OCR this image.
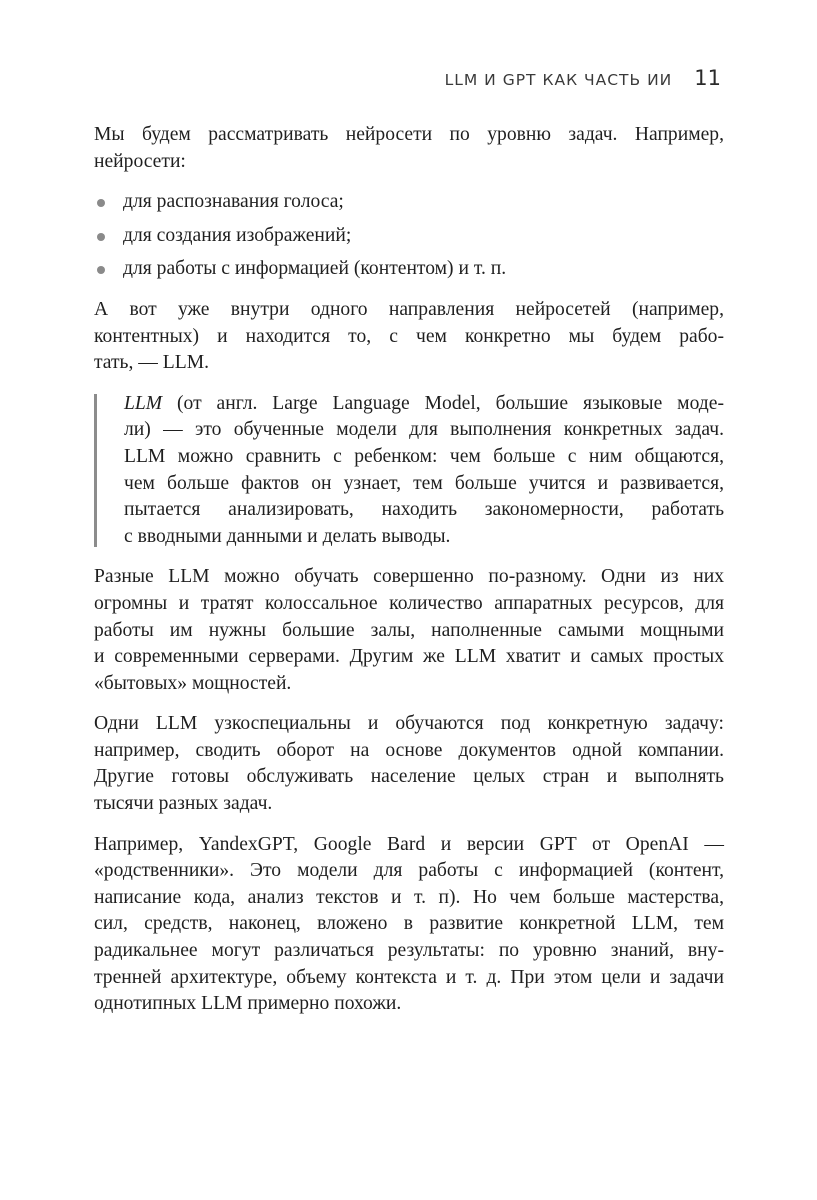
LLM И GPT КАК ЧАСТЬ ИИ 11

Мы будем рассматривать нейросети по уровню задач. Например,
нейросети:

для распознавания голоса;
для создания изображений;
для работы с информацией (контентом) и т. п.

А вот уже внутри одного направления нейросетей (например,
контентных) и находится то, с чем конкретно мы будем рабо-
тать, — LLM.

LLM (от англ. Large Language Model, большие языковые моде-
ли) — это обученные модели для выполнения конкретных задач.
LLM можно сравнить с ребенком: чем больше с ним общаются,
чем больше фактов он узнает, тем больше учится и развивается,
пытается анализировать, находить закономерности, работать
с вводными данными и делать выводы.

Разные LLM можно обучать совершенно по-разному. Одни из них
огромны и тратят колоссальное количество аппаратных ресурсов, для
работы им нужны большие залы, наполненные самыми мощными
и современными серверами. Другим же LLM хватит и самых простых
«бытовых» мощностей.

Одни LLM узкоспециальны и обучаются под конкретную задачу:
например, сводить оборот на основе документов одной компании.
Другие готовы обслуживать население целых стран и выполнять
тысячи разных задач.

Например, YandexGPT, Google Bard и версии GPT от OpenAI —
«родственники». Это модели для работы с информацией (контент,
написание кода, анализ текстов и т. п). Но чем больше мастерства,
сил, средств, наконец, вложено в развитие конкретной LLM, тем
радикальнее могут различаться результаты: по уровню знаний, вну-
тренней архитектуре, объему контекста и т. д. При этом цели и задачи
однотипных LLM примерно похожи.
